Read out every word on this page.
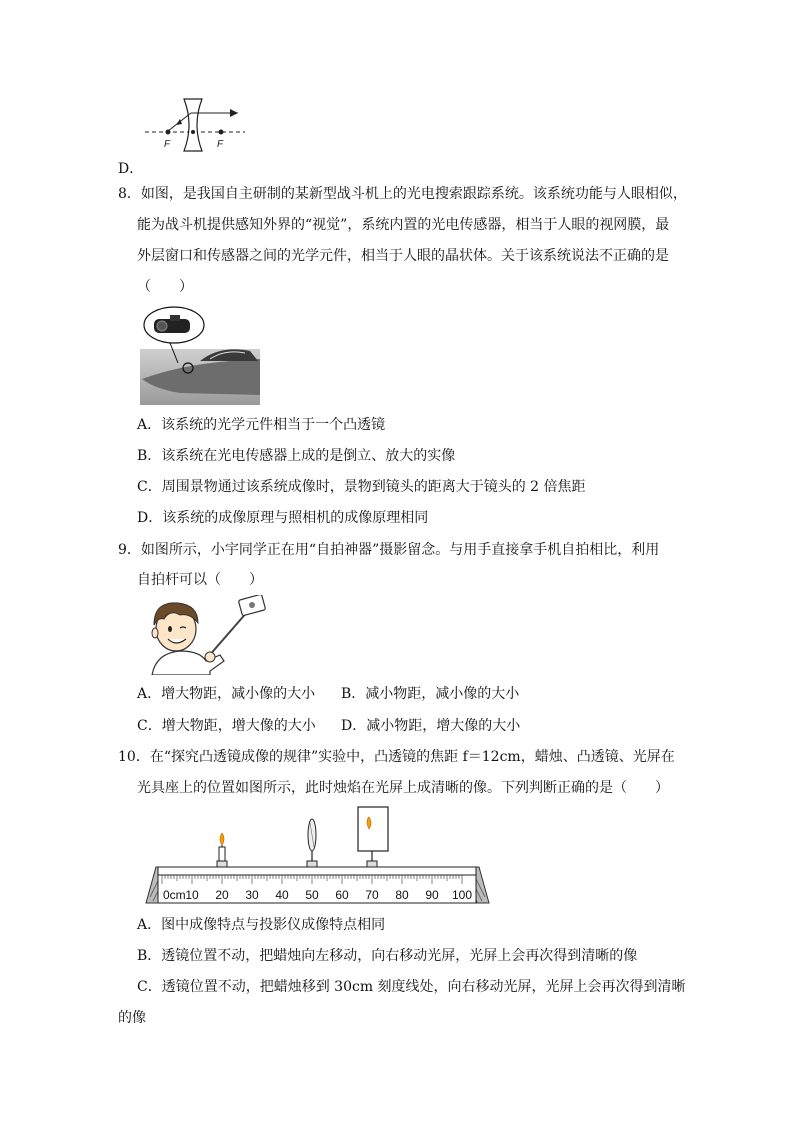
F	F
D．
8．如图，是我国自主研制的某新型战斗机上的光电搜索跟踪系统。该系统功能与人眼相似，
能为战斗机提供感知外界的“视觉”，系统内置的光电传感器，相当于人眼的视网膜，最
外层窗口和传感器之间的光学元件，相当于人眼的晶状体。关于该系统说法不正确的是
（　　）
A．该系统的光学元件相当于一个凸透镜
B．该系统在光电传感器上成的是倒立、放大的实像
C．周围景物通过该系统成像时，景物到镜头的距离大于镜头的 2 倍焦距
D．该系统的成像原理与照相机的成像原理相同
9．如图所示，小宇同学正在用“自拍神器”摄影留念。与用手直接拿手机自拍相比，利用
自拍杆可以（　　）
A．增大物距，减小像的大小 B．减小物距，减小像的大小
C．增大物距，增大像的大小 D．减小物距，增大像的大小
10．在“探究凸透镜成像的规律”实验中，凸透镜的焦距 f＝12cm，蜡烛、凸透镜、光屏在
光具座上的位置如图所示，此时烛焰在光屏上成清晰的像。下列判断正确的是（　　）
0cm 10 20 30 40 50 60 70 80 90 100
A．图中成像特点与投影仪成像特点相同
B．透镜位置不动，把蜡烛向左移动，向右移动光屏，光屏上会再次得到清晰的像
C．透镜位置不动，把蜡烛移到 30cm 刻度线处，向右移动光屏，光屏上会再次得到清晰
的像
